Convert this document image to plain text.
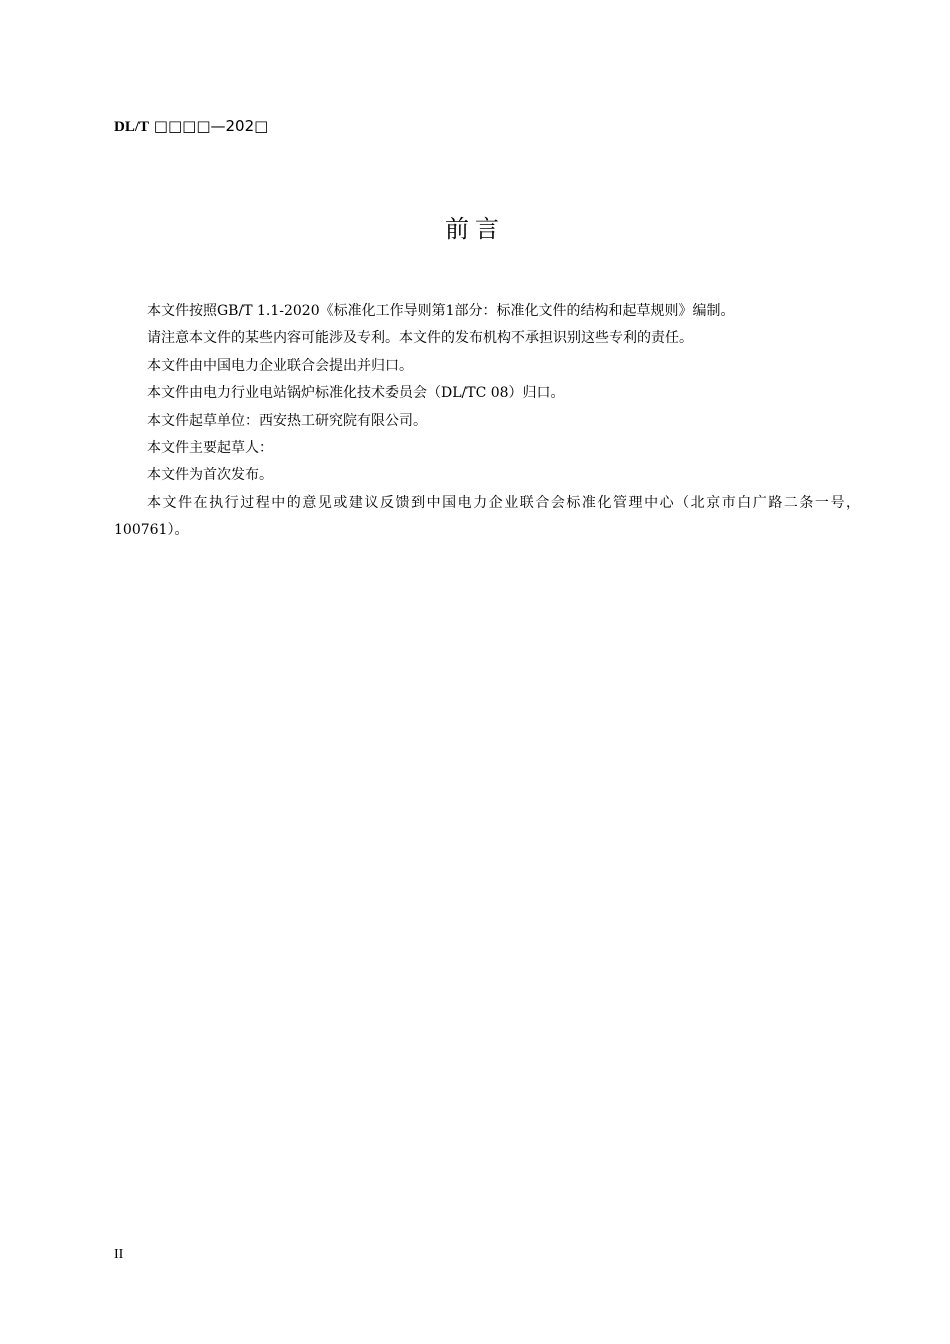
DL/T □□□□—202□
前言

本文件按照GB/T 1.1-2020《标准化工作导则第1部分：标准化文件的结构和起草规则》编制。

请注意本文件的某些内容可能涉及专利。本文件的发布机构不承担识别这些专利的责任。

本文件由中国电力企业联合会提出并归口。

本文件由电力行业电站锅炉标准化技术委员会（DL/TC 08）归口。

本文件起草单位：西安热工研究院有限公司。

本文件主要起草人：

本文件为首次发布。

本文件在执行过程中的意见或建议反馈到中国电力企业联合会标准化管理中心（北京市白广路二条一号，100761）。

II
